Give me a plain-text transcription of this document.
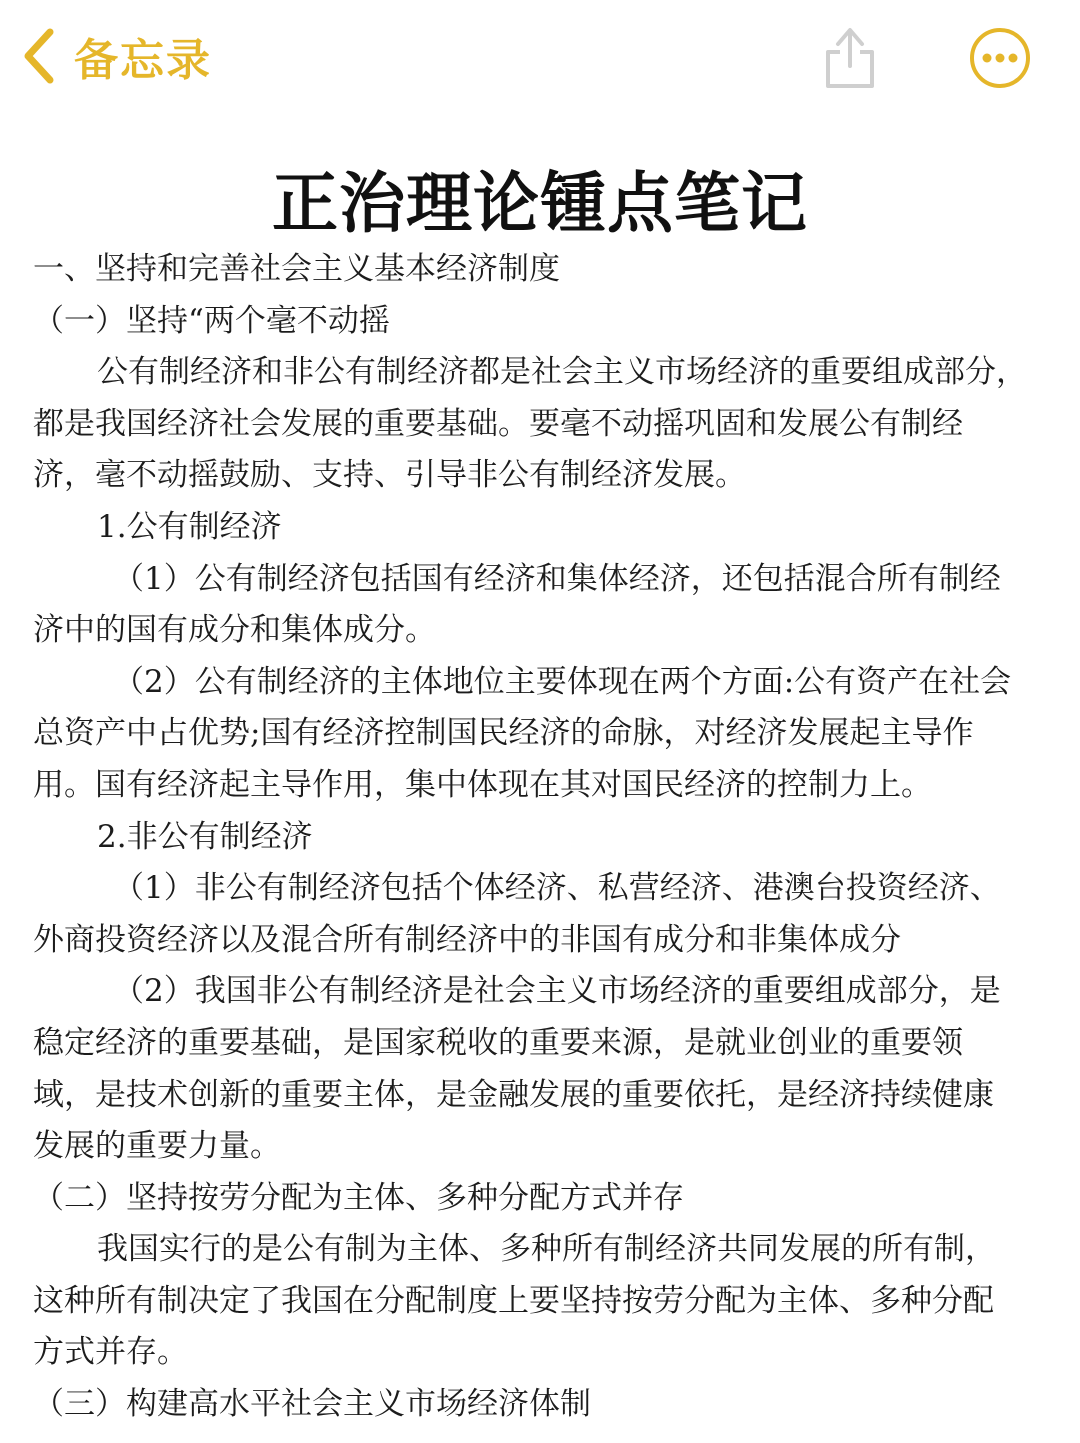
备忘录
正治理论锺点笔记

一、坚持和完善社会主义基本经济制度

（一）坚持“两个毫不动摇

公有制经济和非公有制经济都是社会主义市场经济的重要组成部分，

都是我国经济社会发展的重要基础。要毫不动摇巩固和发展公有制经

济，毫不动摇鼓励、支持、引导非公有制经济发展。

1.公有制经济

（1）公有制经济包括国有经济和集体经济，还包括混合所有制经

济中的国有成分和集体成分。

（2）公有制经济的主体地位主要体现在两个方面:公有资产在社会

总资产中占优势;国有经济控制国民经济的命脉，对经济发展起主导作

用。国有经济起主导作用，集中体现在其对国民经济的控制力上。

2.非公有制经济

（1）非公有制经济包括个体经济、私营经济、港澳台投资经济、

外商投资经济以及混合所有制经济中的非国有成分和非集体成分

（2）我国非公有制经济是社会主义市场经济的重要组成部分，是

稳定经济的重要基础，是国家税收的重要来源，是就业创业的重要领

域，是技术创新的重要主体，是金融发展的重要依托，是经济持续健康

发展的重要力量。

（二）坚持按劳分配为主体、多种分配方式并存

我国实行的是公有制为主体、多种所有制经济共同发展的所有制，

这种所有制决定了我国在分配制度上要坚持按劳分配为主体、多种分配

方式并存。

（三）构建高水平社会主义市场经济体制
